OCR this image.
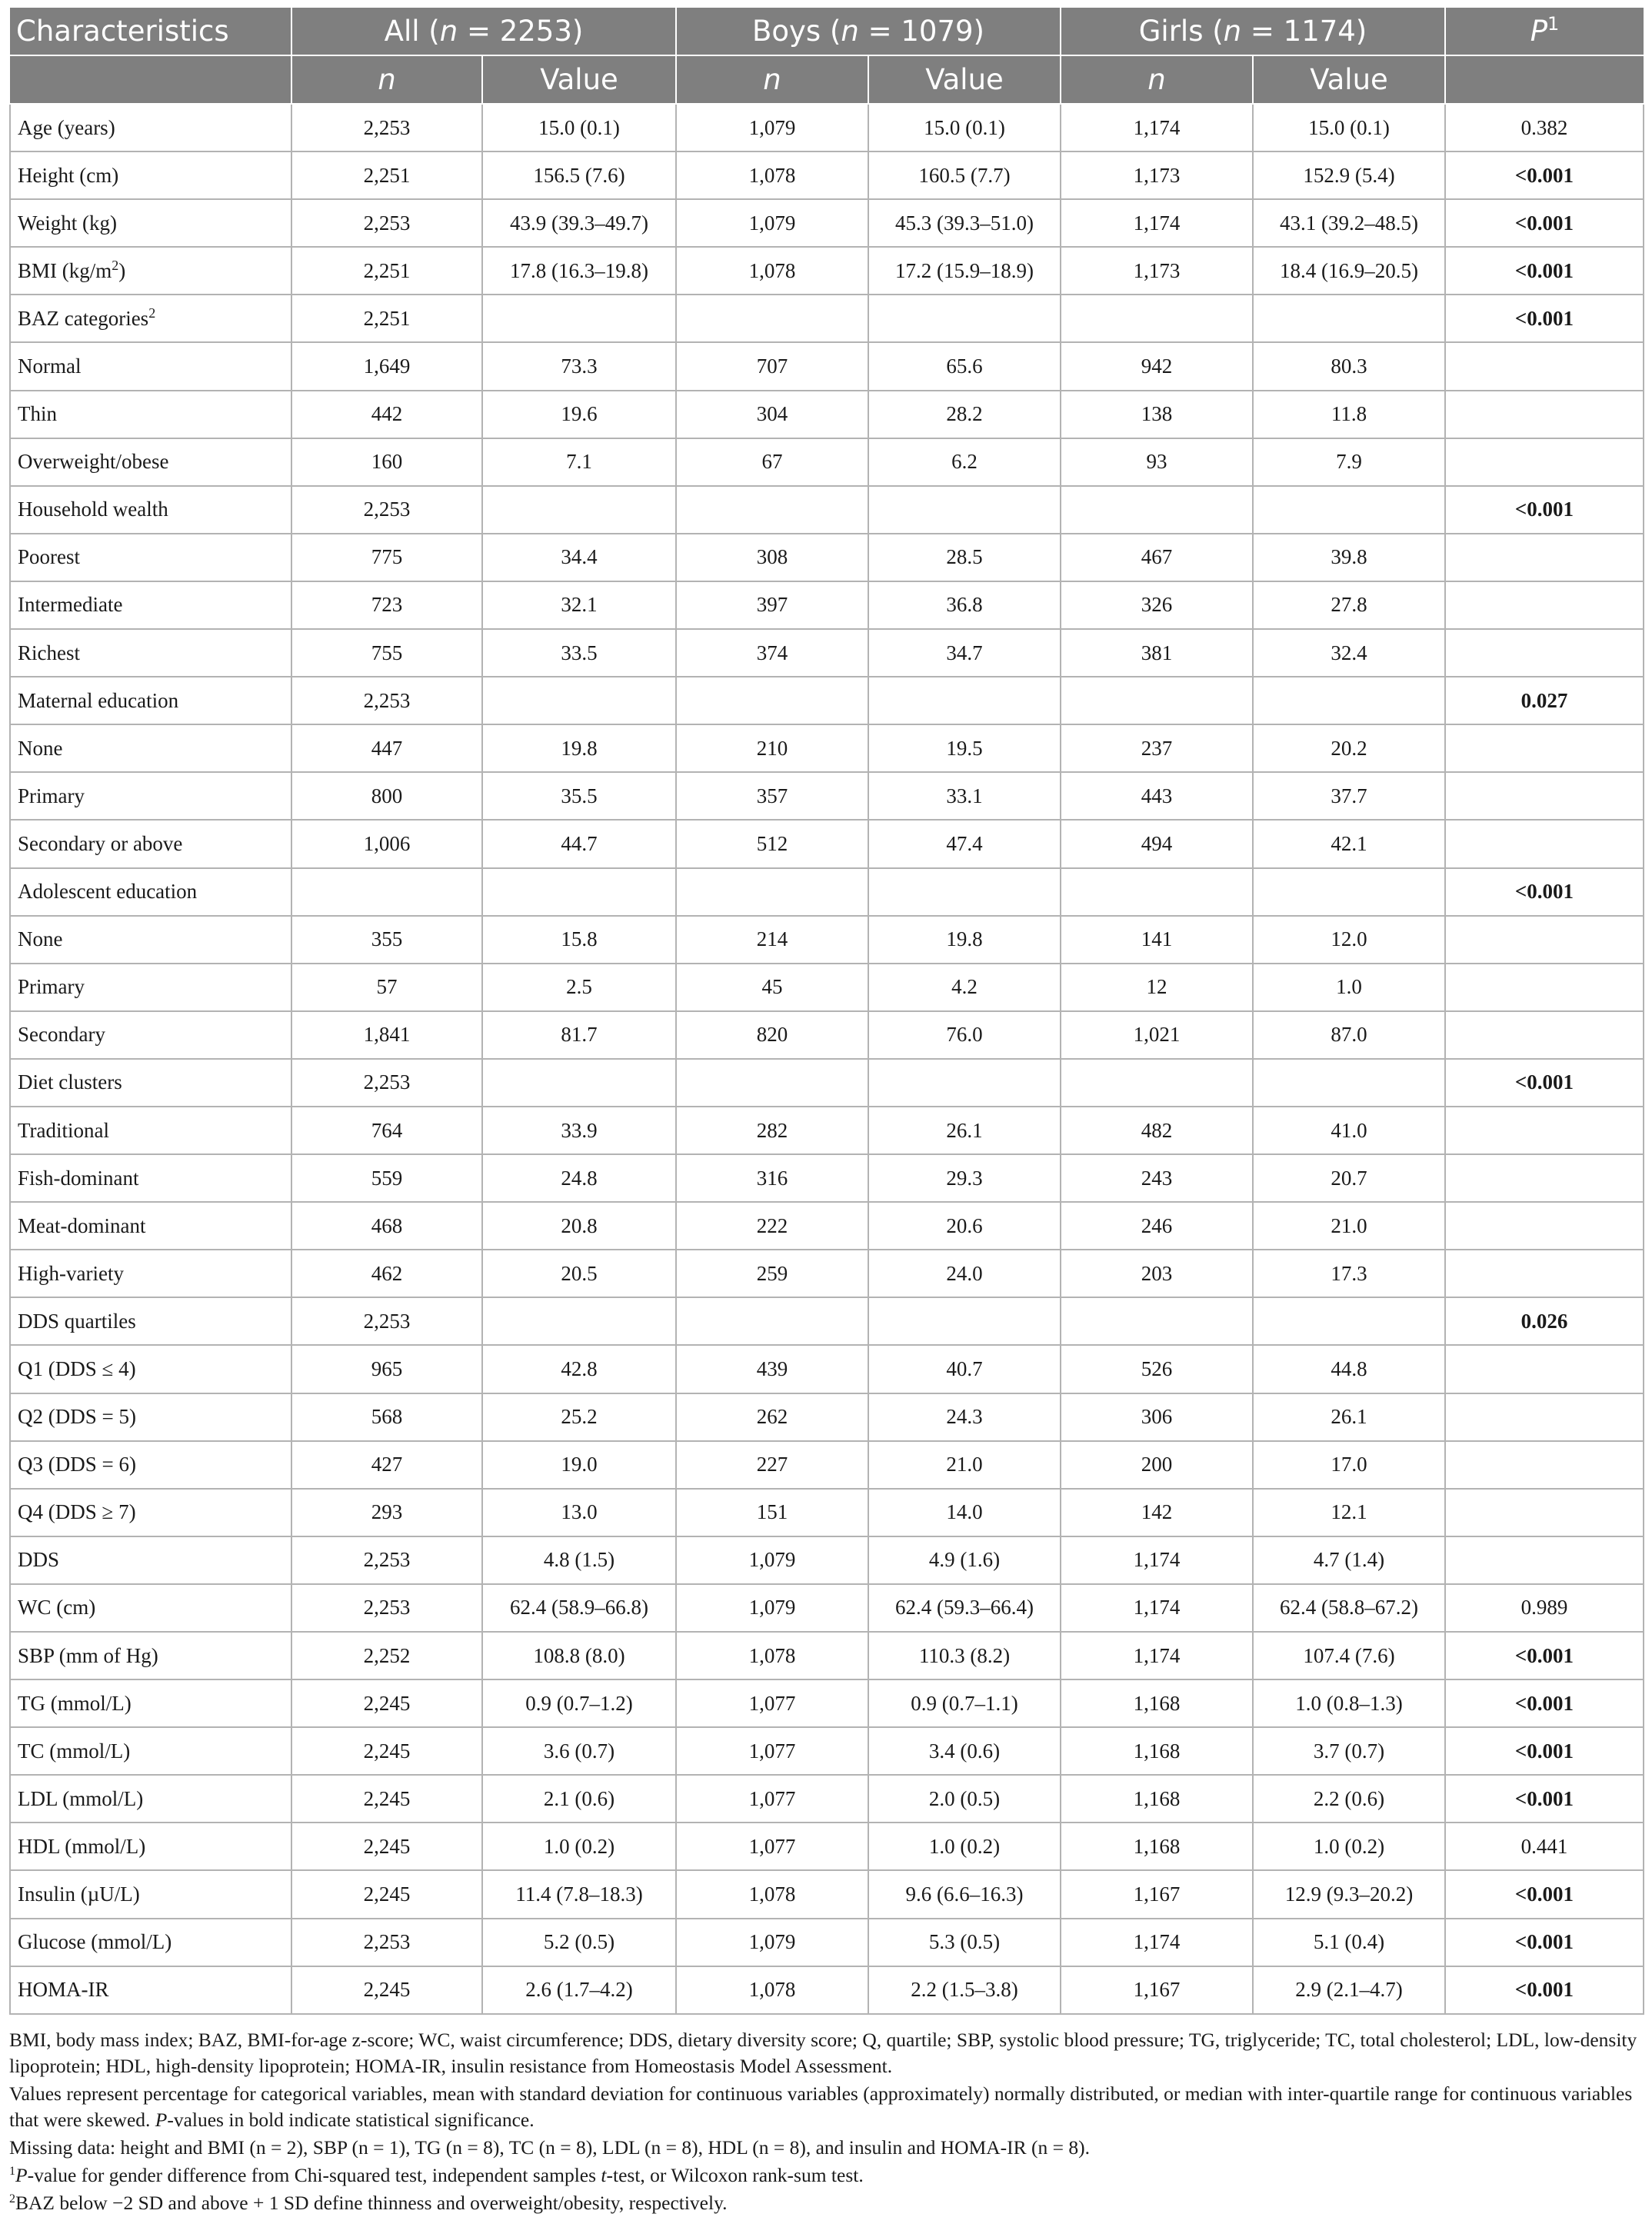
Characteristics	All (n = 2253)		Boys (n = 1079)		Girls (n = 1174)		$P^1$
	n	Value	n	Value	n	Value	
Age (years)	2,253	15.0 (0.1)	1,079	15.0 (0.1)	1,174	15.0 (0.1)	0.382
Height (cm)	2,251	156.5 (7.6)	1,078	160.5 (7.7)	1,173	152.9 (5.4)	<0.001
Weight (kg)	2,253	43.9 (39.3–49.7)	1,079	45.3 (39.3–51.0)	1,174	43.1 (39.2–48.5)	<0.001
BMI $(kg/m^2)$	2,251	17.8 (16.3–19.8)	1,078	17.2 (15.9–18.9)	1,173	18.4 (16.9–20.5)	<0.001
BAZ categories$^2$	2,251						<0.001
Normal	1,649	73.3	707	65.6	942	80.3	
Thin	442	19.6	304	28.2	138	11.8	
Overweight/obese	160	7.1	67	6.2	93	7.9	
Household wealth	2,253						<0.001
Poorest	775	34.4	308	28.5	467	39.8	
Intermediate	723	32.1	397	36.8	326	27.8	
Richest	755	33.5	374	34.7	381	32.4	
Maternal education	2,253						0.027
None	447	19.8	210	19.5	237	20.2	
Primary	800	35.5	357	33.1	443	37.7	
Secondary or above	1,006	44.7	512	47.4	494	42.1	
Adolescent education							<0.001
None	355	15.8	214	19.8	141	12.0	
Primary	57	2.5	45	4.2	12	1.0	
Secondary	1,841	81.7	820	76.0	1,021	87.0	
Diet clusters	2,253						<0.001
Traditional	764	33.9	282	26.1	482	41.0	
Fish-dominant	559	24.8	316	29.3	243	20.7	
Meat-dominant	468	20.8	222	20.6	246	21.0	
High-variety	462	20.5	259	24.0	203	17.3	
DDS quartiles	2,253						0.026
Q1 (DDS ≤ 4)	965	42.8	439	40.7	526	44.8	
Q2 (DDS = 5)	568	25.2	262	24.3	306	26.1	
Q3 (DDS = 6)	427	19.0	227	21.0	200	17.0	
Q4 (DDS ≥ 7)	293	13.0	151	14.0	142	12.1	
DDS	2,253	4.8 (1.5)	1,079	4.9 (1.6)	1,174	4.7 (1.4)	
WC (cm)	2,253	62.4 (58.9–66.8)	1,079	62.4 (59.3–66.4)	1,174	62.4 (58.8–67.2)	0.989
SBP (mm of Hg)	2,252	108.8 (8.0)	1,078	110.3 (8.2)	1,174	107.4 (7.6)	<0.001
TG (mmol/L)	2,245	0.9 (0.7–1.2)	1,077	0.9 (0.7–1.1)	1,168	1.0 (0.8–1.3)	<0.001
TC (mmol/L)	2,245	3.6 (0.7)	1,077	3.4 (0.6)	1,168	3.7 (0.7)	<0.001
LDL (mmol/L)	2,245	2.1 (0.6)	1,077	2.0 (0.5)	1,168	2.2 (0.6)	<0.001
HDL (mmol/L)	2,245	1.0 (0.2)	1,077	1.0 (0.2)	1,168	1.0 (0.2)	0.441
Insulin (µU/L)	2,245	11.4 (7.8–18.3)	1,078	9.6 (6.6–16.3)	1,167	12.9 (9.3–20.2)	<0.001
Glucose (mmol/L)	2,253	5.2 (0.5)	1,079	5.3 (0.5)	1,174	5.1 (0.4)	<0.001
HOMA-IR	2,245	2.6 (1.7–4.2)	1,078	2.2 (1.5–3.8)	1,167	2.9 (2.1–4.7)	<0.001

BMI, body mass index; BAZ, BMI-for-age z-score; WC, waist circumference; DDS, dietary diversity score; Q, quartile; SBP, systolic blood pressure; TG, triglyceride; TC, total cholesterol; LDL, low-density lipoprotein; HDL, high-density lipoprotein; HOMA-IR, insulin resistance from Homeostasis Model Assessment.

Values represent percentage for categorical variables, mean with standard deviation for continuous variables (approximately) normally distributed, or median with inter-quartile range for continuous variables that were skewed. P-values in bold indicate statistical significance.

Missing data: height and BMI (n = 2), SBP (n = 1), TG (n = 8), TC (n = 8), LDL (n = 8), HDL (n = 8), and insulin and HOMA-IR (n = 8).

$^1$P-value for gender difference from Chi-squared test, independent samples t-test, or Wilcoxon rank-sum test.

$^2$BAZ below −2 SD and above + 1 SD define thinness and overweight/obesity, respectively.
